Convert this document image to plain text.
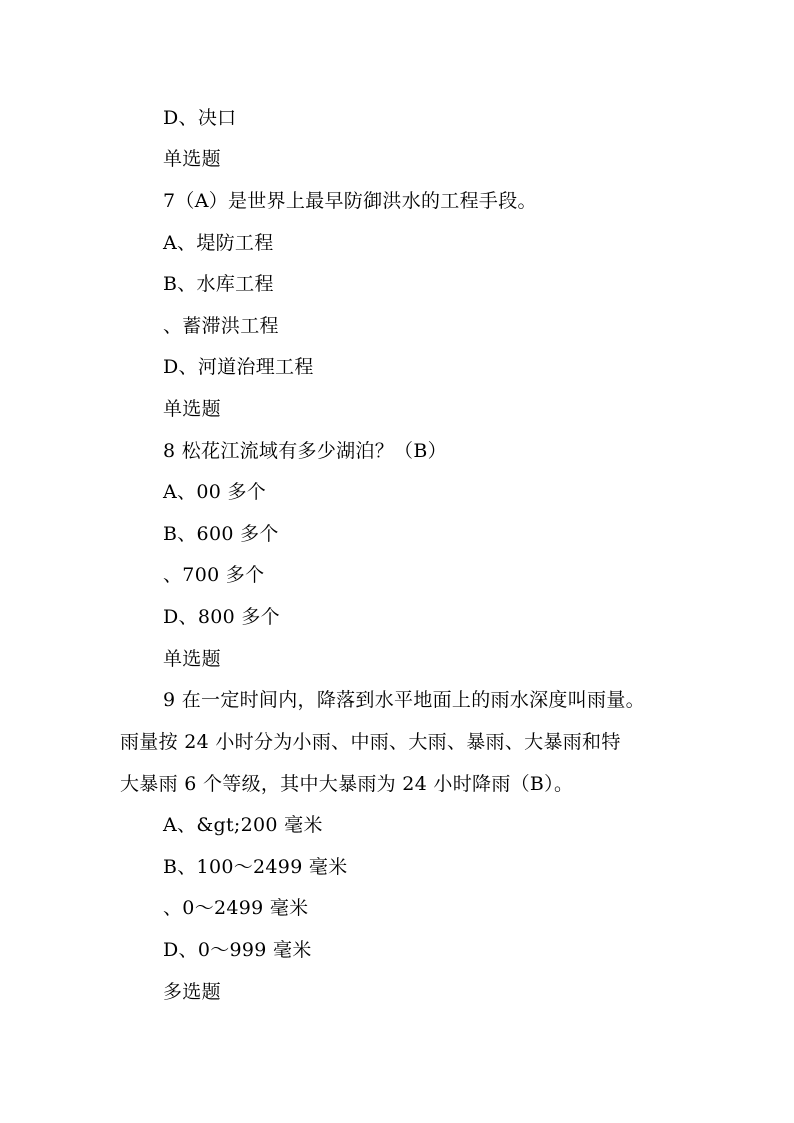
D、决口
单选题
7（A）是世界上最早防御洪水的工程手段。
A、堤防工程
B、水库工程
、蓄滞洪工程
D、河道治理工程
单选题
8 松花江流域有多少湖泊？（B）
A、00 多个
B、600 多个
、700 多个
D、800 多个
单选题
9 在一定时间内，降落到水平地面上的雨水深度叫雨量。
雨量按 24 小时分为小雨、中雨、大雨、暴雨、大暴雨和特
大暴雨 6 个等级，其中大暴雨为 24 小时降雨（B）。
A、&gt;200 毫米
B、100～2499 毫米
、0～2499 毫米
D、0～999 毫米
多选题
